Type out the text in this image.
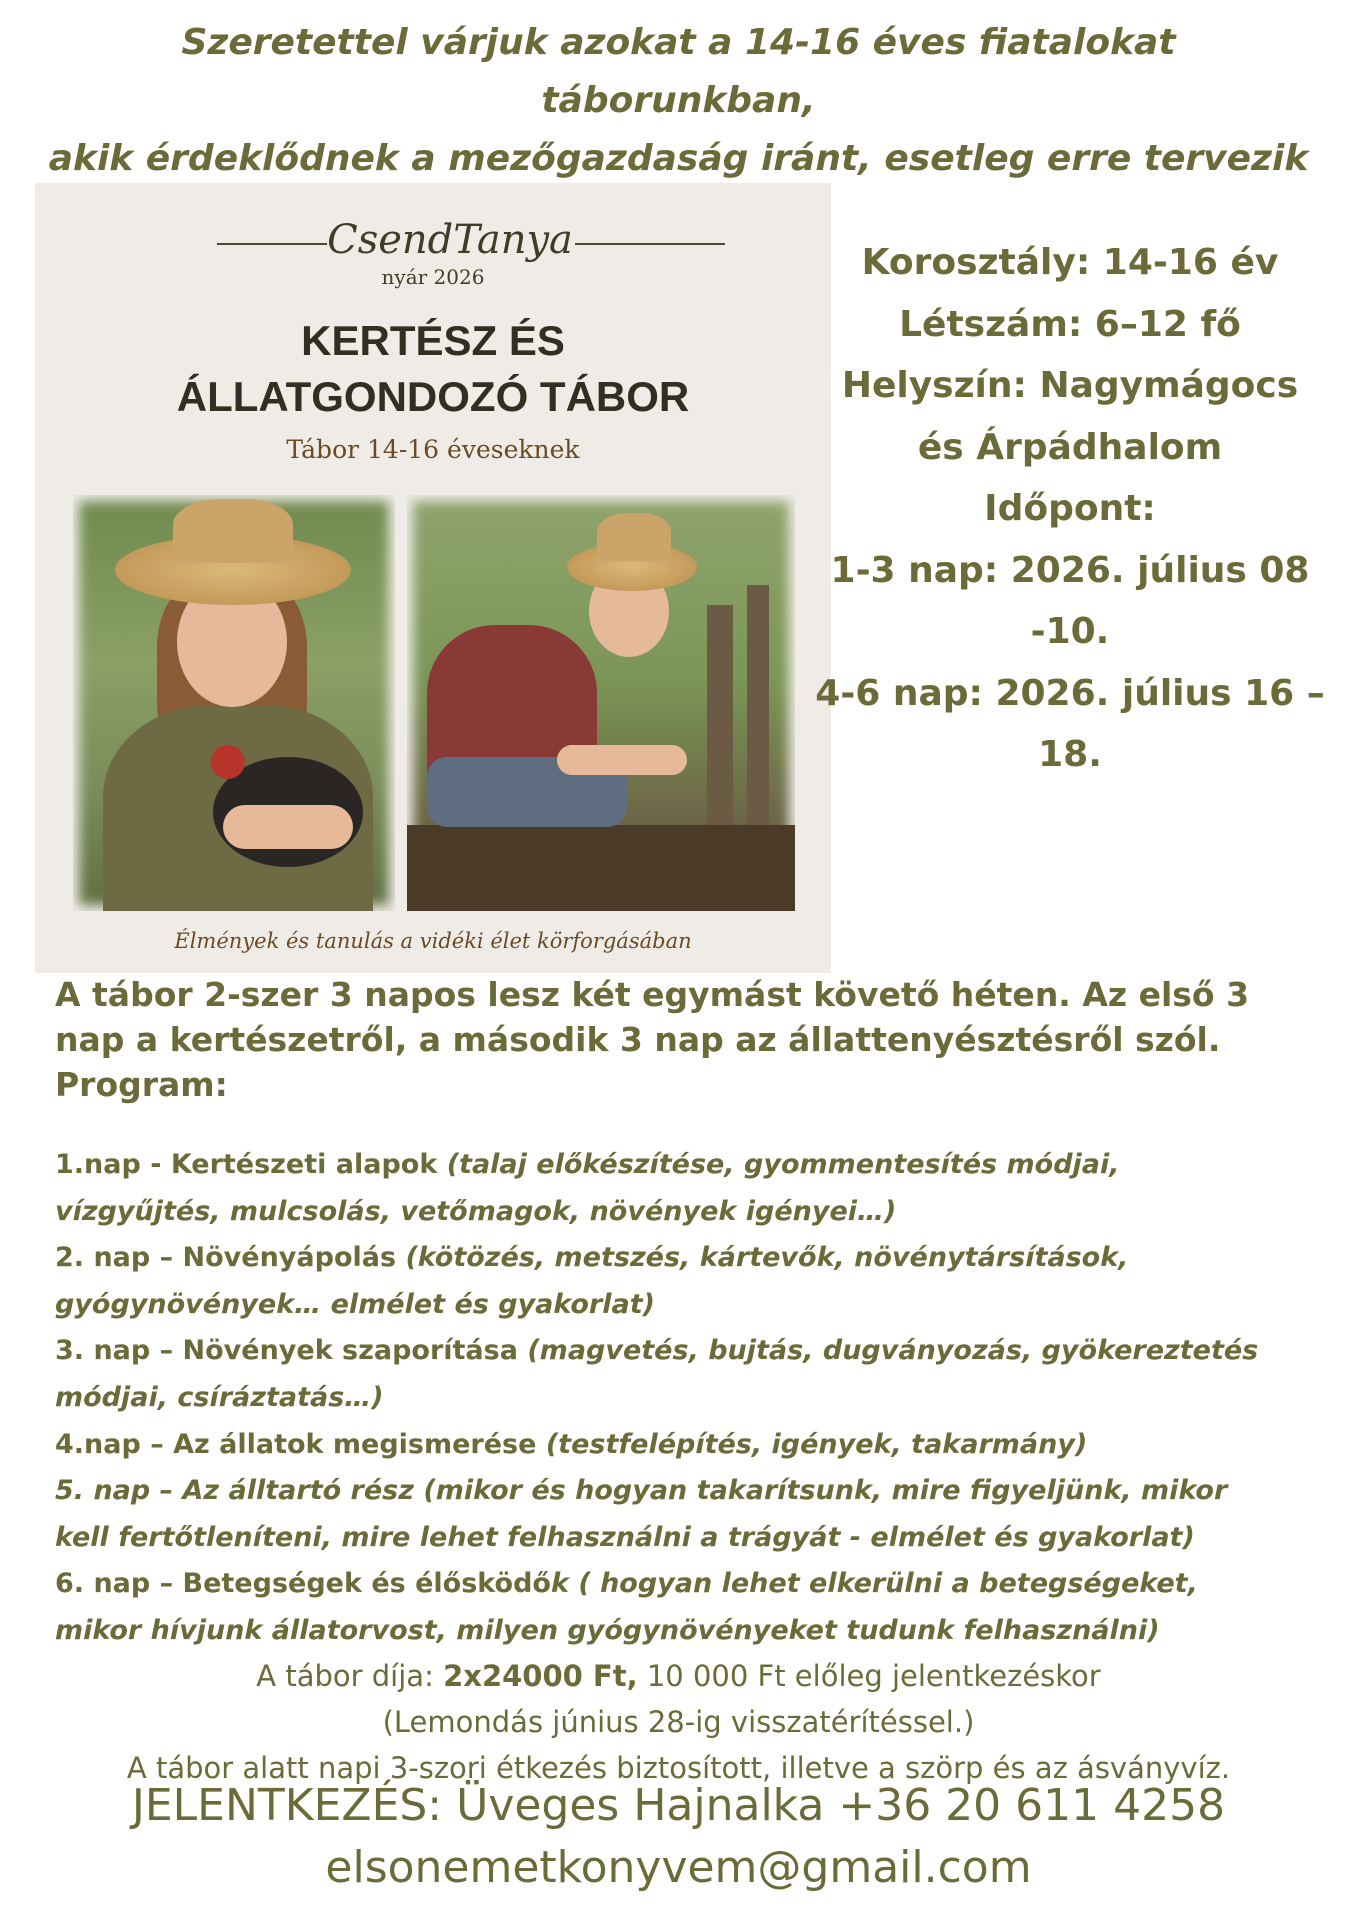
Szeretettel várjuk azokat a 14-16 éves fiatalokat táborunkban,
akik érdeklődnek a mezőgazdaság iránt, esetleg erre tervezik

CsendTanya
nyár 2026
KERTÉSZ ÉS
ÁLLATGONDOZÓ TÁBOR
Tábor 14-16 éveseknek
Élmények és tanulás a vidéki élet körforgásában
Korosztály: 14-16 év
Létszám: 6–12 fő
Helyszín: Nagymágocs
és Árpádhalom
Időpont:
1-3 nap: 2026. július 08
-10.
4-6 nap: 2026. július 16 –
18.
A tábor 2-szer 3 napos lesz két egymást követő héten. Az első 3
nap a kertészetről, a második 3 nap az állattenyésztésről szól.
Program:
1.nap - Kertészeti alapok (talaj előkészítése, gyommentesítés módjai,
vízgyűjtés, mulcsolás, vetőmagok, növények igényei…)
2. nap – Növényápolás (kötözés, metszés, kártevők, növénytársítások,
gyógynövények… elmélet és gyakorlat)
3. nap – Növények szaporítása (magvetés, bujtás, dugványozás, gyökereztetés
módjai, csíráztatás…)
4.nap – Az állatok megismerése (testfelépítés, igények, takarmány)
5. nap – Az álltartó rész (mikor és hogyan takarítsunk, mire figyeljünk, mikor
kell fertőtleníteni, mire lehet felhasználni a trágyát - elmélet és gyakorlat)
6. nap – Betegségek és élősködők ( hogyan lehet elkerülni a betegségeket,
mikor hívjunk állatorvost, milyen gyógynövényeket tudunk felhasználni)
A tábor díja: 2x24000 Ft, 10 000 Ft előleg jelentkezéskor
(Lemondás június 28-ig visszatérítéssel.)
A tábor alatt napi 3-szori étkezés biztosított, illetve a szörp és az ásványvíz.
JELENTKEZÉS: Üveges Hajnalka +36 20 611 4258
elsonemetkonyvem@gmail.com
